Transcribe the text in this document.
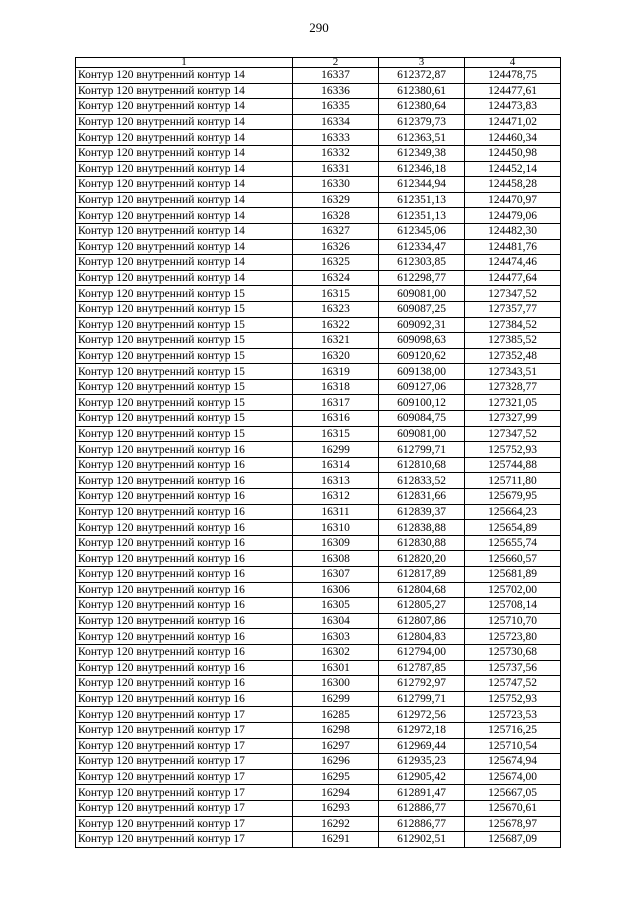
290
1	2	3	4
Контур 120 внутренний контур 14	16337	612372,87	124478,75
Контур 120 внутренний контур 14	16336	612380,61	124477,61
Контур 120 внутренний контур 14	16335	612380,64	124473,83
Контур 120 внутренний контур 14	16334	612379,73	124471,02
Контур 120 внутренний контур 14	16333	612363,51	124460,34
Контур 120 внутренний контур 14	16332	612349,38	124450,98
Контур 120 внутренний контур 14	16331	612346,18	124452,14
Контур 120 внутренний контур 14	16330	612344,94	124458,28
Контур 120 внутренний контур 14	16329	612351,13	124470,97
Контур 120 внутренний контур 14	16328	612351,13	124479,06
Контур 120 внутренний контур 14	16327	612345,06	124482,30
Контур 120 внутренний контур 14	16326	612334,47	124481,76
Контур 120 внутренний контур 14	16325	612303,85	124474,46
Контур 120 внутренний контур 14	16324	612298,77	124477,64
Контур 120 внутренний контур 15	16315	609081,00	127347,52
Контур 120 внутренний контур 15	16323	609087,25	127357,77
Контур 120 внутренний контур 15	16322	609092,31	127384,52
Контур 120 внутренний контур 15	16321	609098,63	127385,52
Контур 120 внутренний контур 15	16320	609120,62	127352,48
Контур 120 внутренний контур 15	16319	609138,00	127343,51
Контур 120 внутренний контур 15	16318	609127,06	127328,77
Контур 120 внутренний контур 15	16317	609100,12	127321,05
Контур 120 внутренний контур 15	16316	609084,75	127327,99
Контур 120 внутренний контур 15	16315	609081,00	127347,52
Контур 120 внутренний контур 16	16299	612799,71	125752,93
Контур 120 внутренний контур 16	16314	612810,68	125744,88
Контур 120 внутренний контур 16	16313	612833,52	125711,80
Контур 120 внутренний контур 16	16312	612831,66	125679,95
Контур 120 внутренний контур 16	16311	612839,37	125664,23
Контур 120 внутренний контур 16	16310	612838,88	125654,89
Контур 120 внутренний контур 16	16309	612830,88	125655,74
Контур 120 внутренний контур 16	16308	612820,20	125660,57
Контур 120 внутренний контур 16	16307	612817,89	125681,89
Контур 120 внутренний контур 16	16306	612804,68	125702,00
Контур 120 внутренний контур 16	16305	612805,27	125708,14
Контур 120 внутренний контур 16	16304	612807,86	125710,70
Контур 120 внутренний контур 16	16303	612804,83	125723,80
Контур 120 внутренний контур 16	16302	612794,00	125730,68
Контур 120 внутренний контур 16	16301	612787,85	125737,56
Контур 120 внутренний контур 16	16300	612792,97	125747,52
Контур 120 внутренний контур 16	16299	612799,71	125752,93
Контур 120 внутренний контур 17	16285	612972,56	125723,53
Контур 120 внутренний контур 17	16298	612972,18	125716,25
Контур 120 внутренний контур 17	16297	612969,44	125710,54
Контур 120 внутренний контур 17	16296	612935,23	125674,94
Контур 120 внутренний контур 17	16295	612905,42	125674,00
Контур 120 внутренний контур 17	16294	612891,47	125667,05
Контур 120 внутренний контур 17	16293	612886,77	125670,61
Контур 120 внутренний контур 17	16292	612886,77	125678,97
Контур 120 внутренний контур 17	16291	612902,51	125687,09
